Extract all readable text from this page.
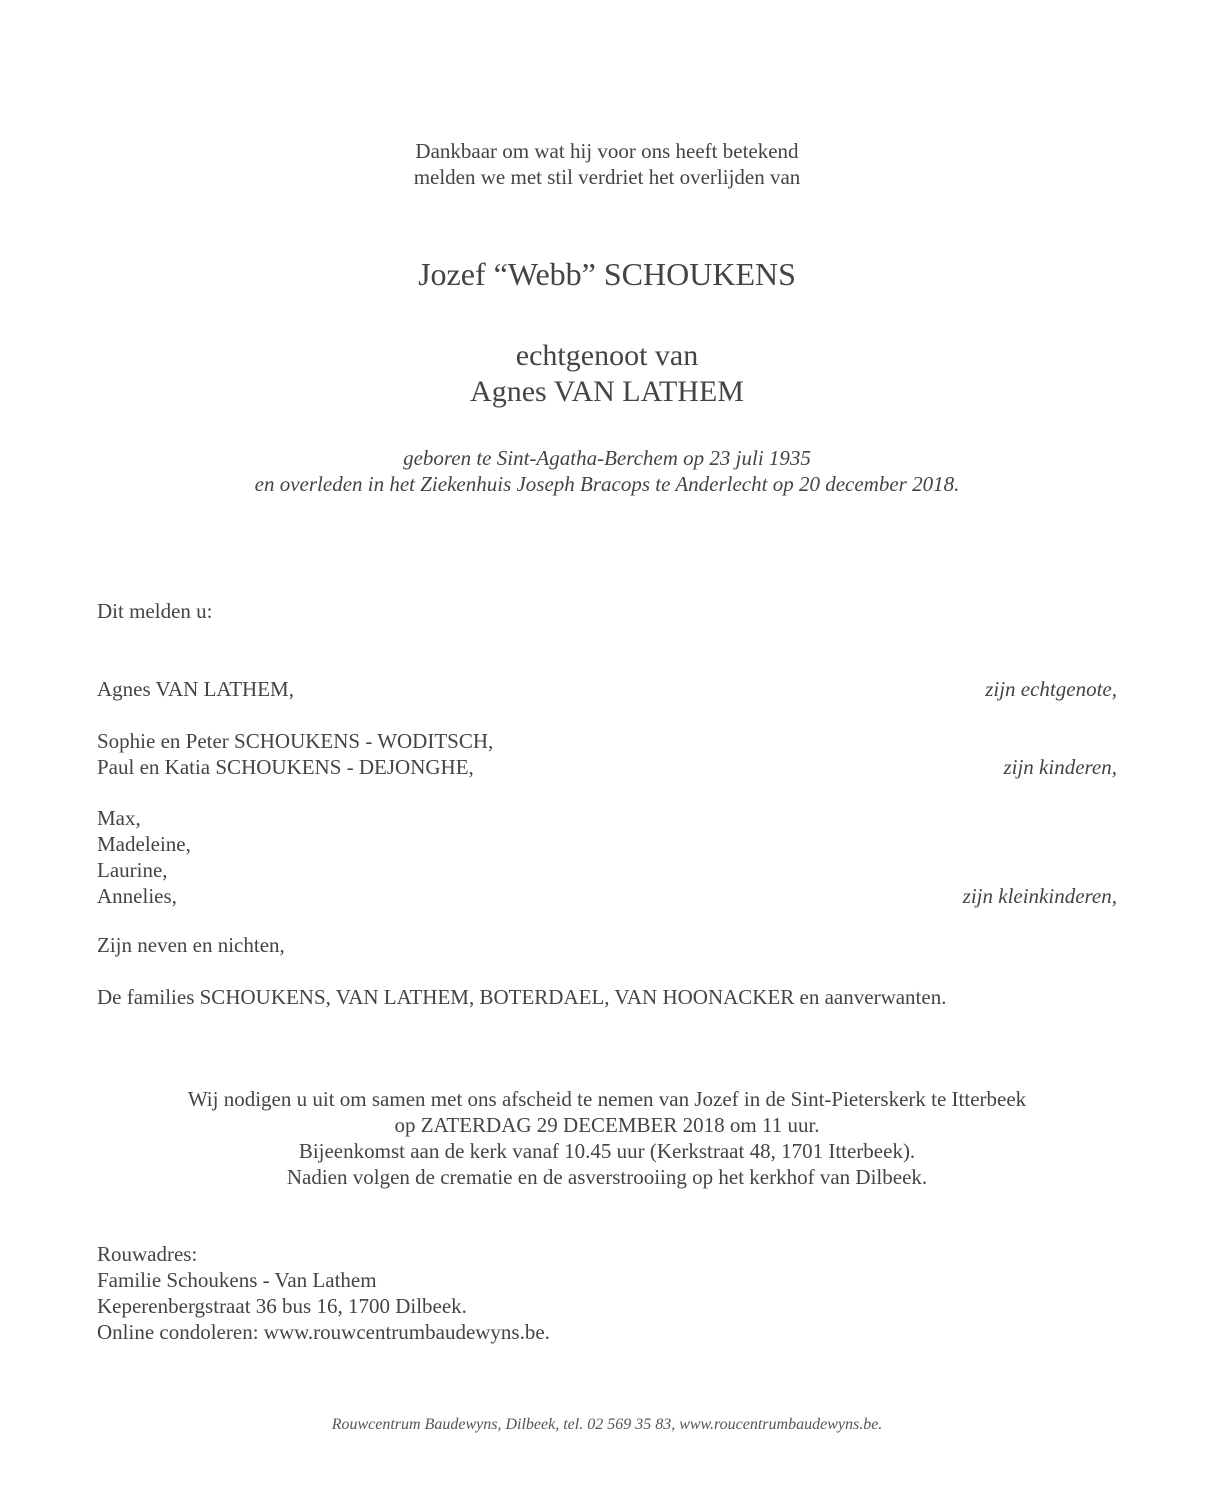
Dankbaar om wat hij voor ons heeft betekend
melden we met stil verdriet het overlijden van
Jozef “Webb” SCHOUKENS
echtgenoot van
Agnes VAN LATHEM
geboren te Sint-Agatha-Berchem op 23 juli 1935
en overleden in het Ziekenhuis Joseph Bracops te Anderlecht op 20 december 2018.
Dit melden u:
Agnes VAN LATHEM,	zijn echtgenote,
Sophie en Peter SCHOUKENS - WODITSCH,
Paul en Katia SCHOUKENS - DEJONGHE,	zijn kinderen,
Max,
Madeleine,
Laurine,
Annelies,	zijn kleinkinderen,
Zijn neven en nichten,
De families SCHOUKENS, VAN LATHEM, BOTERDAEL, VAN HOONACKER en aanverwanten.
Wij nodigen u uit om samen met ons afscheid te nemen van Jozef in de Sint-Pieterskerk te Itterbeek
op ZATERDAG 29 DECEMBER 2018 om 11 uur.
Bijeenkomst aan de kerk vanaf 10.45 uur (Kerkstraat 48, 1701 Itterbeek).
Nadien volgen de crematie en de asverstrooiing op het kerkhof van Dilbeek.
Rouwadres:
Familie Schoukens - Van Lathem
Keperenbergstraat 36 bus 16, 1700 Dilbeek.
Online condoleren: www.rouwcentrumbaudewyns.be.
Rouwcentrum Baudewyns, Dilbeek, tel. 02 569 35 83, www.roucentrumbaudewyns.be.
